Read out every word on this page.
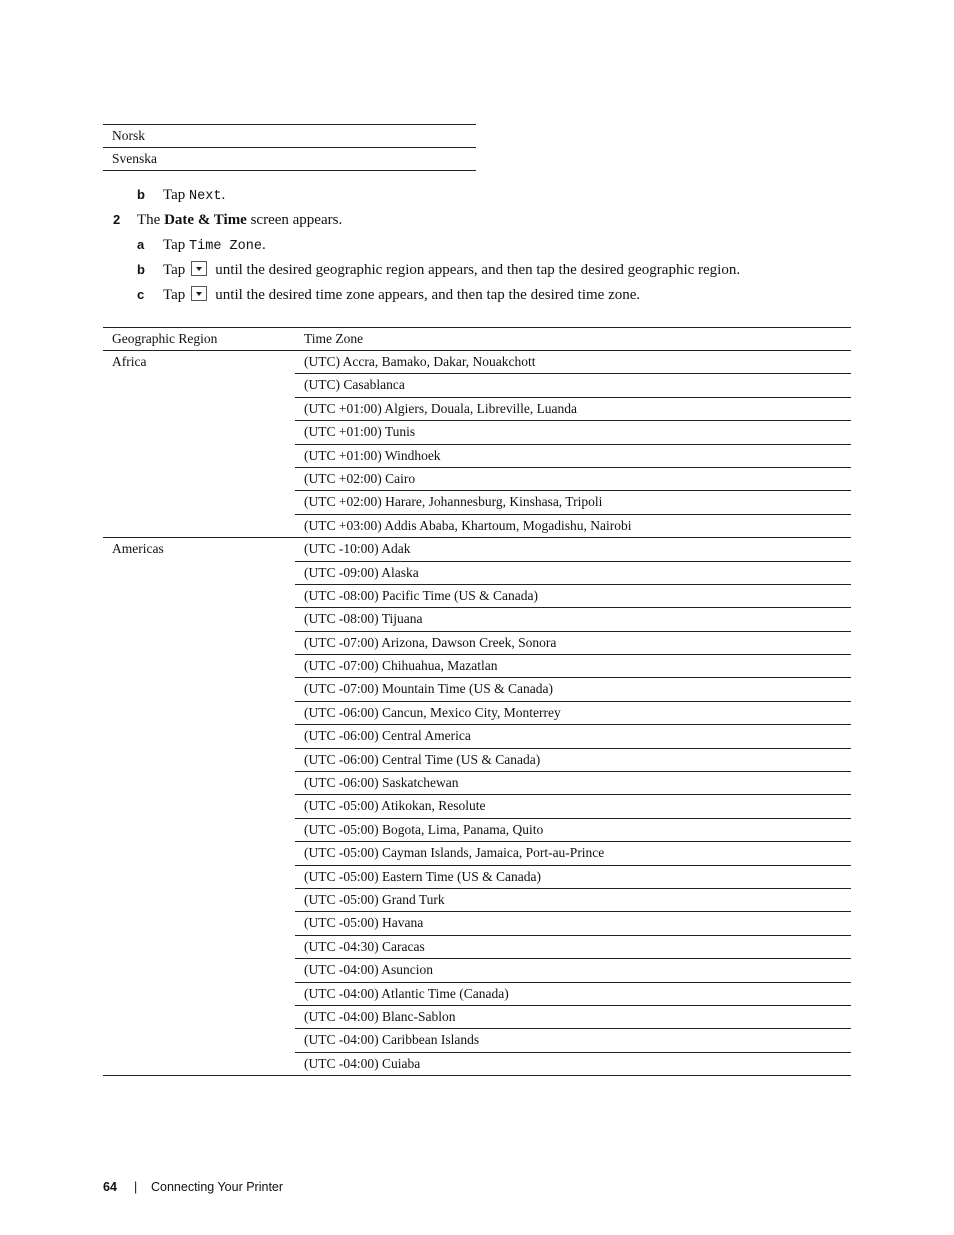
Norsk
Svenska
b Tap Next.
2 The Date & Time screen appears.
a Tap Time Zone.
b Tap until the desired geographic region appears, and then tap the desired geographic region.
c Tap until the desired time zone appears, and then tap the desired time zone.
Geographic Region	Time Zone
Africa	(UTC) Accra, Bamako, Dakar, Nouakchott
	(UTC) Casablanca
	(UTC +01:00) Algiers, Douala, Libreville, Luanda
	(UTC +01:00) Tunis
	(UTC +01:00) Windhoek
	(UTC +02:00) Cairo
	(UTC +02:00) Harare, Johannesburg, Kinshasa, Tripoli
	(UTC +03:00) Addis Ababa, Khartoum, Mogadishu, Nairobi
Americas	(UTC -10:00) Adak
	(UTC -09:00) Alaska
	(UTC -08:00) Pacific Time (US & Canada)
	(UTC -08:00) Tijuana
	(UTC -07:00) Arizona, Dawson Creek, Sonora
	(UTC -07:00) Chihuahua, Mazatlan
	(UTC -07:00) Mountain Time (US & Canada)
	(UTC -06:00) Cancun, Mexico City, Monterrey
	(UTC -06:00) Central America
	(UTC -06:00) Central Time (US & Canada)
	(UTC -06:00) Saskatchewan
	(UTC -05:00) Atikokan, Resolute
	(UTC -05:00) Bogota, Lima, Panama, Quito
	(UTC -05:00) Cayman Islands, Jamaica, Port-au-Prince
	(UTC -05:00) Eastern Time (US & Canada)
	(UTC -05:00) Grand Turk
	(UTC -05:00) Havana
	(UTC -04:30) Caracas
	(UTC -04:00) Asuncion
	(UTC -04:00) Atlantic Time (Canada)
	(UTC -04:00) Blanc-Sablon
	(UTC -04:00) Caribbean Islands
	(UTC -04:00) Cuiaba
64 | Connecting Your Printer
